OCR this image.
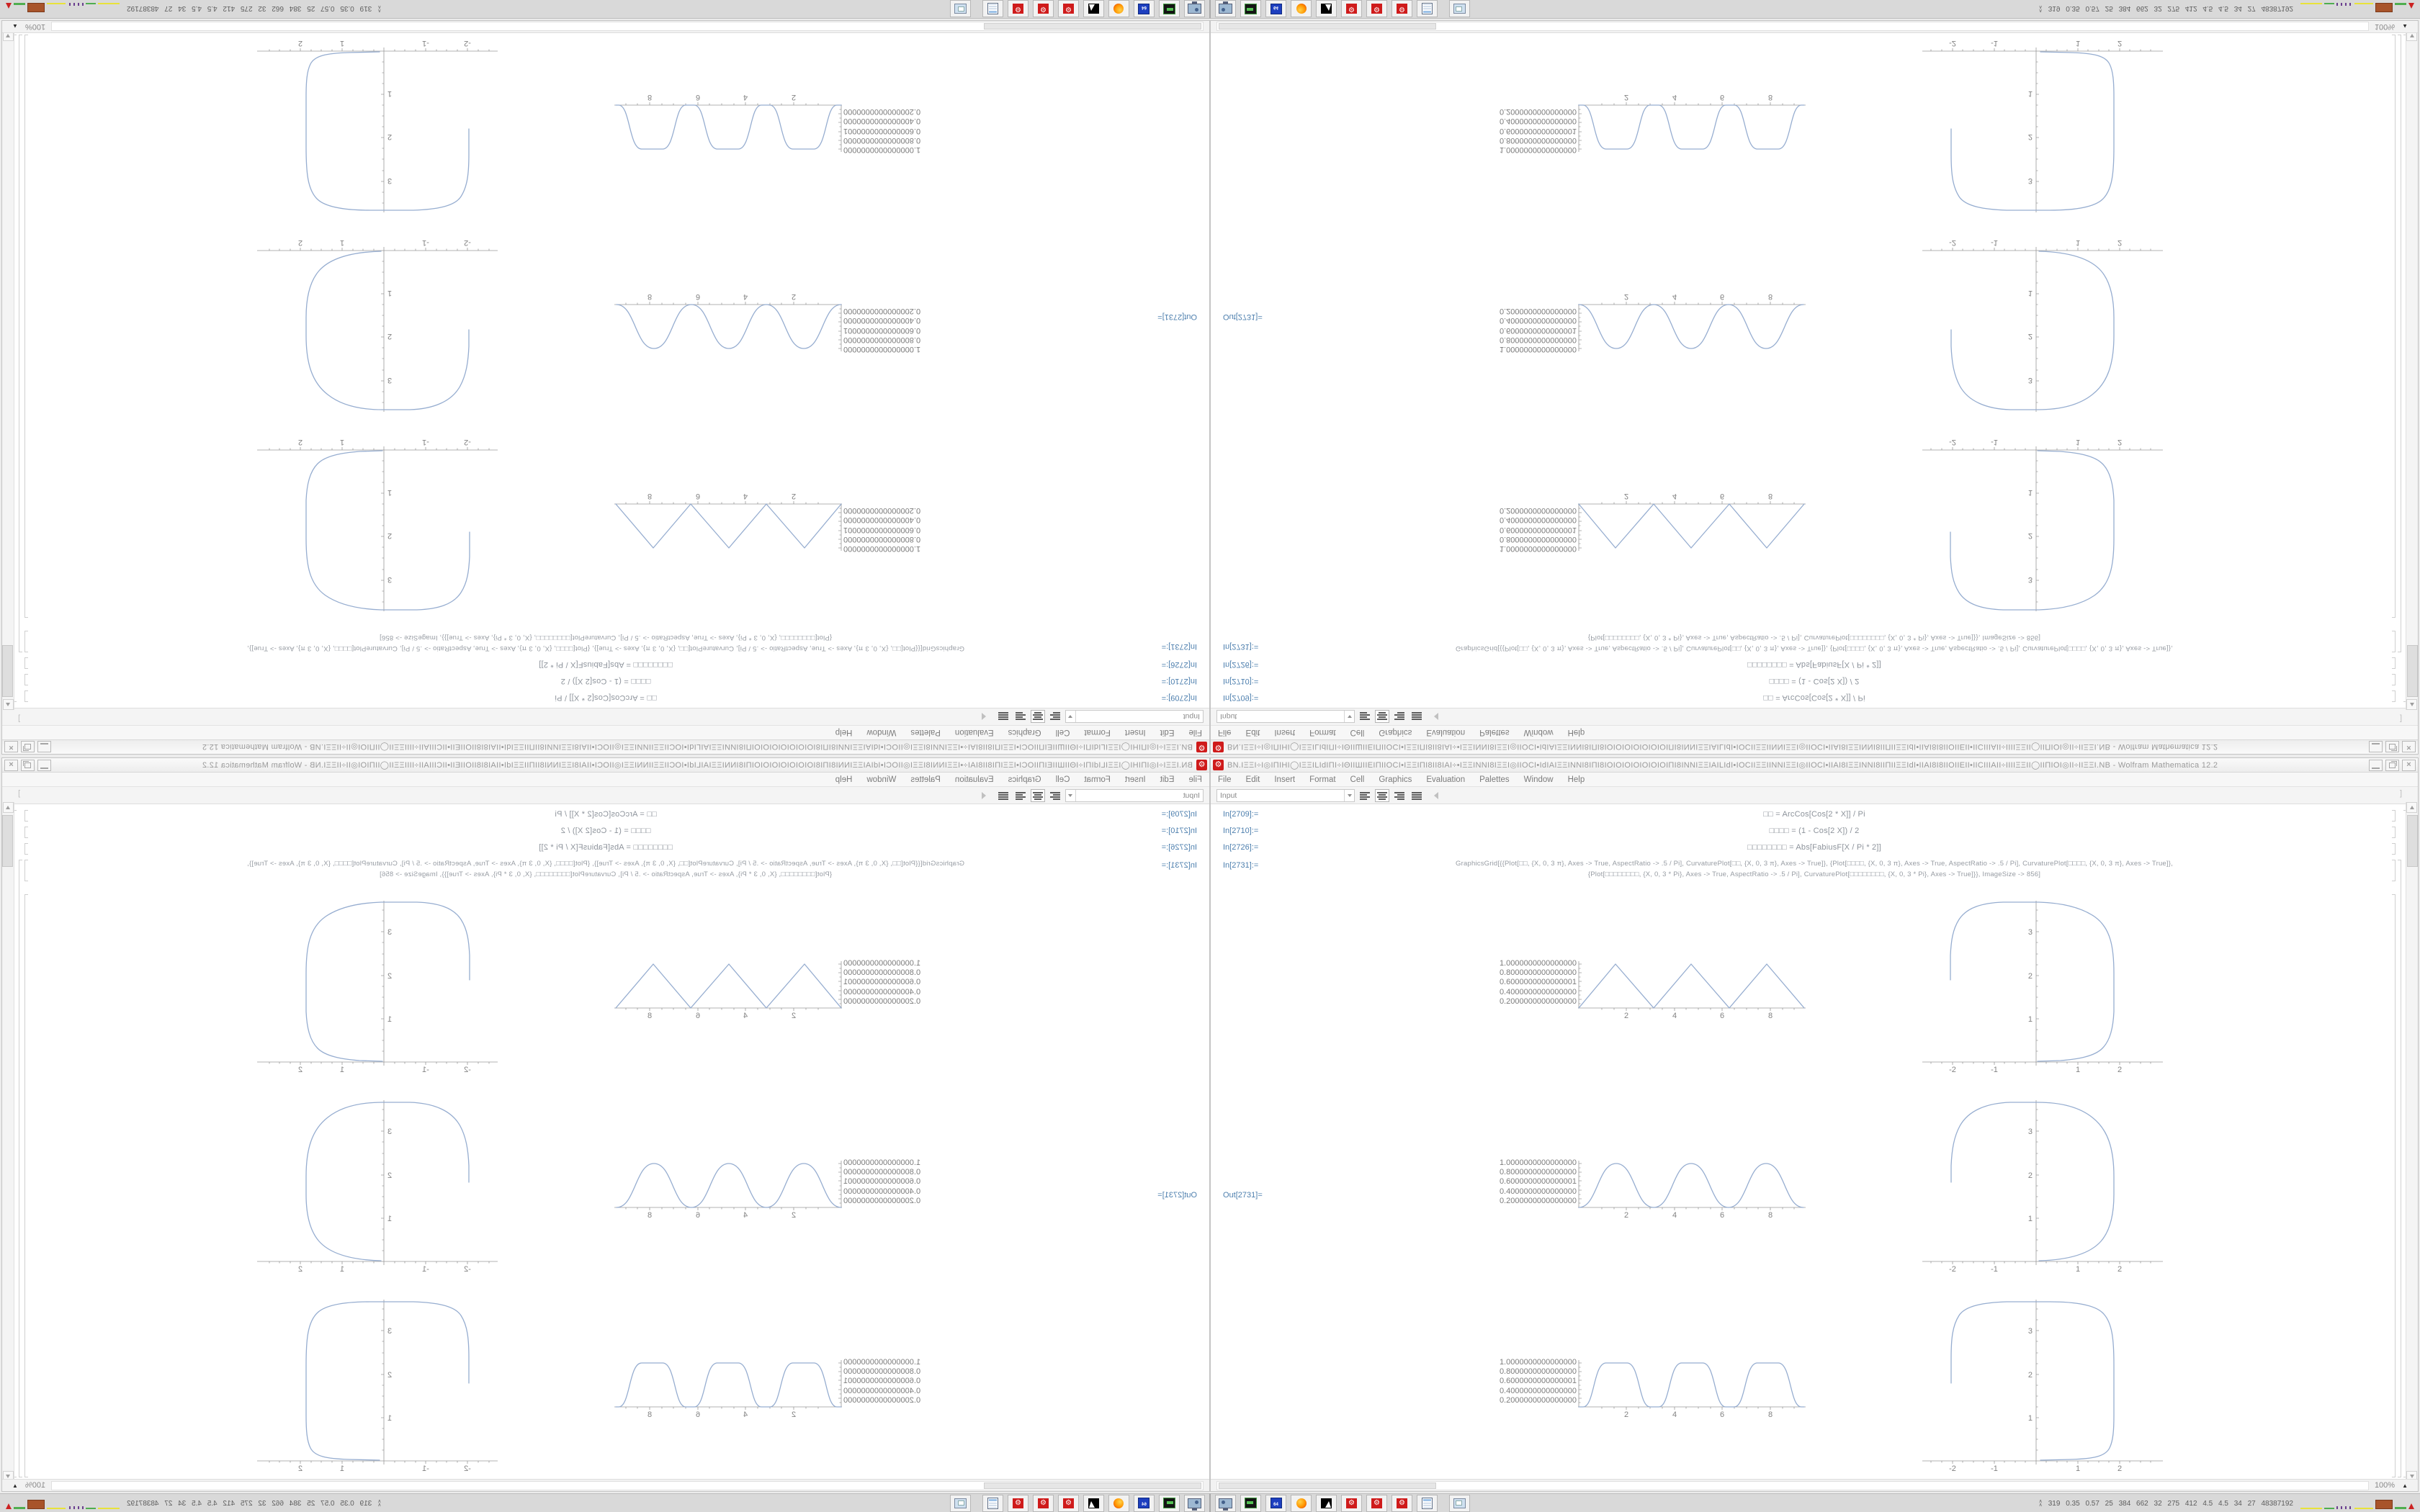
⚙
BN.ΙΞΞΙ÷Ι◎ΙΠΙΗΙ◯ΙΞΞΙLΙdΙΠΙ÷ΙΘΙΙШΙΙΕΙΠΙΙΟCΙ•ΙΞΞΙΠΙ8ΙΙ8ΙΑΙ÷•ΙΞΞΙΝΝΙ8ΙΞΞΙ◎ΙΙΟCΙ•ΙdΙΑΙΞΞΙΝΝΙ8ΙΠΙ8ΙΟΙΟΙΟΙΟΙΟΙΟΙΟΙΠΙ8ΙΝΝΙΞΞΙΑΙLΙdΙ•ΙΟCΙΙΞΞΙΙΝΝΙΞΞΙ◎ΙΙΟCΙ•ΙΙΑΙ8ΙΞΞΙΝΝΙ8ΙΙΠΙΙΞΞΙdΙ•ΙΙΑΙ8Ι8ΙΙΟΙΙΕΙΙ•ΙΙCΙΙΙΑΙΙ÷ΙΙΙΙΞΞΙΙ◯ΙΙΠΙΟΙ◎ΙΙ÷ΙΙΞΞΙ.NB - Wolfram Mathematica 12.2
×
File
Edit
Insert
Format
Cell
Graphics
Evaluation
Palettes
Window
Help
Input
]
In[2709]:=
□□ = ArcCos[Cos[2 * X]] / Pi
In[2710]:=
□□□□ = (1 - Cos[2 X]) / 2
In[2726]:=
□□□□□□□□ = Abs[FabiusF[X / Pi * 2]]
In[2731]:=
GraphicsGrid[{{Plot[□□, {X, 0, 3 π}, Axes -> True, AspectRatio -> .5 / Pi], CurvaturePlot[□□, {X, 0, 3 π}, Axes -> True]}, {Plot[□□□□, {X, 0, 3 π}, Axes -> True, AspectRatio -> .5 / Pi], CurvaturePlot[□□□□, {X, 0, 3 π}, Axes -> True]},
{Plot[□□□□□□□□, {X, 0, 3 * Pi}, Axes -> True, AspectRatio -> .5 / Pi], CurvaturePlot[□□□□□□□□, {X, 0, 3 * Pi}, Axes -> True]}}, ImageSize -> 856]
Out[2731]=
1.0000000000000000
0.8000000000000000
0.6000000000000001
0.4000000000000000
0.2000000000000000
2
4
6
8
-2
-1
1
2
3
2
1
1.0000000000000000
0.8000000000000000
0.6000000000000001
0.4000000000000000
0.2000000000000000
2
4
6
8
-2
-1
1
2
3
2
1
1.0000000000000000
0.8000000000000000
0.6000000000000001
0.4000000000000000
0.2000000000000000
2
4
6
8
-2
-1
1
2
3
2
1
100%
▲
64
⚙
⚙
⚙
∧
∧
319 0.35 0.57 25 384 662 32 275 412 4.5 4.5 34 27 48387192
⚙ BN.ΙΞΞΙ÷Ι◎ΙΠΙΗΙ◯ΙΞΞΙLΙdΙΠΙ÷ΙΘΙΙШΙΙΕΙΠΙΙΟCΙ•ΙΞΞΙΠΙ8ΙΙ8ΙΑΙ÷•ΙΞΞΙΝΝΙ8ΙΞΞΙ◎ΙΙΟCΙ•ΙdΙΑΙΞΞΙΝΝΙ8ΙΠΙ8ΙΟΙΟΙΟΙΟΙΟΙΟΙΟΙΠΙ8ΙΝΝΙΞΞΙΑΙLΙdΙ•ΙΟCΙΙΞΞΙΙΝΝΙΞΞΙ◎ΙΙΟCΙ•ΙΙΑΙ8ΙΞΞΙΝΝΙ8ΙΙΠΙΙΞΞΙdΙ•ΙΙΑΙ8Ι8ΙΙΟΙΙΕΙΙ•ΙΙCΙΙΙΑΙΙ÷ΙΙΙΙΞΞΙΙ◯ΙΙΠΙΟΙ◎ΙΙ÷ΙΙΞΞΙ.NB - Wolfram Mathematica 12.2	×
File	Edit	Insert	Format	Cell	Graphics	Evaluation	Palettes	Window	Help
Input	]
In[2709]:=	□□ = ArcCos[Cos[2 * X]] / Pi
In[2710]:=	□□□□ = (1 - Cos[2 X]) / 2
In[2726]:=	□□□□□□□□ = Abs[FabiusF[X / Pi * 2]]
In[2731]:=	GraphicsGrid[{{Plot[□□, {X, 0, 3 π}, Axes -> True, AspectRatio -> .5 / Pi], CurvaturePlot[□□, {X, 0, 3 π}, Axes -> True]}, {Plot[□□□□, {X, 0, 3 π}, Axes -> True, AspectRatio -> .5 / Pi], CurvaturePlot[□□□□, {X, 0, 3 π}, Axes -> True]},
{Plot[□□□□□□□□, {X, 0, 3 * Pi}, Axes -> True, AspectRatio -> .5 / Pi], CurvaturePlot[□□□□□□□□, {X, 0, 3 * Pi}, Axes -> True]}}, ImageSize -> 856]
Out[2731]=
1.0000000000000000
0.8000000000000000
0.6000000000000001
0.4000000000000000
0.2000000000000000
2	4	6	8
-2	-1	1	2
3
2
1
1.0000000000000000
0.8000000000000000
0.6000000000000001
0.4000000000000000
0.2000000000000000
2	4	6	8
-2	-1	1	2
3
2
1
1.0000000000000000
0.8000000000000000
0.6000000000000001
0.4000000000000000
0.2000000000000000
2	4	6	8
-2	-1	1	2
3
2
1
100% ▲
64	⚙	⚙	⚙	∧
∧ 319 0.35 0.57 25 384 662 32 275 412 4.5 4.5 34 27 48387192
⚙
BN.ΙΞΞΙ÷Ι◎ΙΠΙΗΙ◯ΙΞΞΙLΙdΙΠΙ÷ΙΘΙΙШΙΙΕΙΠΙΙΟCΙ•ΙΞΞΙΠΙ8ΙΙ8ΙΑΙ÷•ΙΞΞΙΝΝΙ8ΙΞΞΙ◎ΙΙΟCΙ•ΙdΙΑΙΞΞΙΝΝΙ8ΙΠΙ8ΙΟΙΟΙΟΙΟΙΟΙΟΙΟΙΠΙ8ΙΝΝΙΞΞΙΑΙLΙdΙ•ΙΟCΙΙΞΞΙΙΝΝΙΞΞΙ◎ΙΙΟCΙ•ΙΙΑΙ8ΙΞΞΙΝΝΙ8ΙΙΠΙΙΞΞΙdΙ•ΙΙΑΙ8Ι8ΙΙΟΙΙΕΙΙ•ΙΙCΙΙΙΑΙΙ÷ΙΙΙΙΞΞΙΙ◯ΙΙΠΙΟΙ◎ΙΙ÷ΙΙΞΞΙ.NB - Wolfram Mathematica 12.2
×
File
Edit
Insert
Format
Cell
Graphics
Evaluation
Palettes
Window
Help
Input
]
In[2709]:=
□□ = ArcCos[Cos[2 * X]] / Pi
In[2710]:=
□□□□ = (1 - Cos[2 X]) / 2
In[2726]:=
□□□□□□□□ = Abs[FabiusF[X / Pi * 2]]
In[2731]:=
GraphicsGrid[{{Plot[□□, {X, 0, 3 π}, Axes -> True, AspectRatio -> .5 / Pi], CurvaturePlot[□□, {X, 0, 3 π}, Axes -> True]}, {Plot[□□□□, {X, 0, 3 π}, Axes -> True, AspectRatio -> .5 / Pi], CurvaturePlot[□□□□, {X, 0, 3 π}, Axes -> True]},
{Plot[□□□□□□□□, {X, 0, 3 * Pi}, Axes -> True, AspectRatio -> .5 / Pi], CurvaturePlot[□□□□□□□□, {X, 0, 3 * Pi}, Axes -> True]}}, ImageSize -> 856]
Out[2731]=
1.0000000000000000
0.8000000000000000
0.6000000000000001
0.4000000000000000
0.2000000000000000
2
4
6
8
-2
-1
1
2
3
2
1
1.0000000000000000
0.8000000000000000
0.6000000000000001
0.4000000000000000
0.2000000000000000
2
4
6
8
-2
-1
1
2
3
2
1
1.0000000000000000
0.8000000000000000
0.6000000000000001
0.4000000000000000
0.2000000000000000
2
4
6
8
-2
-1
1
2
3
2
1
100%
▲
64
⚙
⚙
⚙
∧
∧
319 0.35 0.57 25 384 662 32 275 412 4.5 4.5 34 27 48387192
⚙ BN.ΙΞΞΙ÷Ι◎ΙΠΙΗΙ◯ΙΞΞΙLΙdΙΠΙ÷ΙΘΙΙШΙΙΕΙΠΙΙΟCΙ•ΙΞΞΙΠΙ8ΙΙ8ΙΑΙ÷•ΙΞΞΙΝΝΙ8ΙΞΞΙ◎ΙΙΟCΙ•ΙdΙΑΙΞΞΙΝΝΙ8ΙΠΙ8ΙΟΙΟΙΟΙΟΙΟΙΟΙΟΙΠΙ8ΙΝΝΙΞΞΙΑΙLΙdΙ•ΙΟCΙΙΞΞΙΙΝΝΙΞΞΙ◎ΙΙΟCΙ•ΙΙΑΙ8ΙΞΞΙΝΝΙ8ΙΙΠΙΙΞΞΙdΙ•ΙΙΑΙ8Ι8ΙΙΟΙΙΕΙΙ•ΙΙCΙΙΙΑΙΙ÷ΙΙΙΙΞΞΙΙ◯ΙΙΠΙΟΙ◎ΙΙ÷ΙΙΞΞΙ.NB - Wolfram Mathematica 12.2	×
File	Edit	Insert	Format	Cell	Graphics	Evaluation	Palettes	Window	Help
Input	]
In[2709]:=	□□ = ArcCos[Cos[2 * X]] / Pi
In[2710]:=	□□□□ = (1 - Cos[2 X]) / 2
In[2726]:=	□□□□□□□□ = Abs[FabiusF[X / Pi * 2]]
In[2731]:=	GraphicsGrid[{{Plot[□□, {X, 0, 3 π}, Axes -> True, AspectRatio -> .5 / Pi], CurvaturePlot[□□, {X, 0, 3 π}, Axes -> True]}, {Plot[□□□□, {X, 0, 3 π}, Axes -> True, AspectRatio -> .5 / Pi], CurvaturePlot[□□□□, {X, 0, 3 π}, Axes -> True]},
{Plot[□□□□□□□□, {X, 0, 3 * Pi}, Axes -> True, AspectRatio -> .5 / Pi], CurvaturePlot[□□□□□□□□, {X, 0, 3 * Pi}, Axes -> True]}}, ImageSize -> 856]
Out[2731]=
1.0000000000000000
0.8000000000000000
0.6000000000000001
0.4000000000000000
0.2000000000000000
2	4	6	8
-2	-1	1	2
3
2
1
1.0000000000000000
0.8000000000000000
0.6000000000000001
0.4000000000000000
0.2000000000000000
2	4	6	8
-2	-1	1	2
3
2
1
1.0000000000000000
0.8000000000000000
0.6000000000000001
0.4000000000000000
0.2000000000000000
2	4	6	8
-2	-1	1	2
3
2
1
100% ▲
64	⚙	⚙	⚙	∧
∧ 319 0.35 0.57 25 384 662 32 275 412 4.5 4.5 34 27 48387192
